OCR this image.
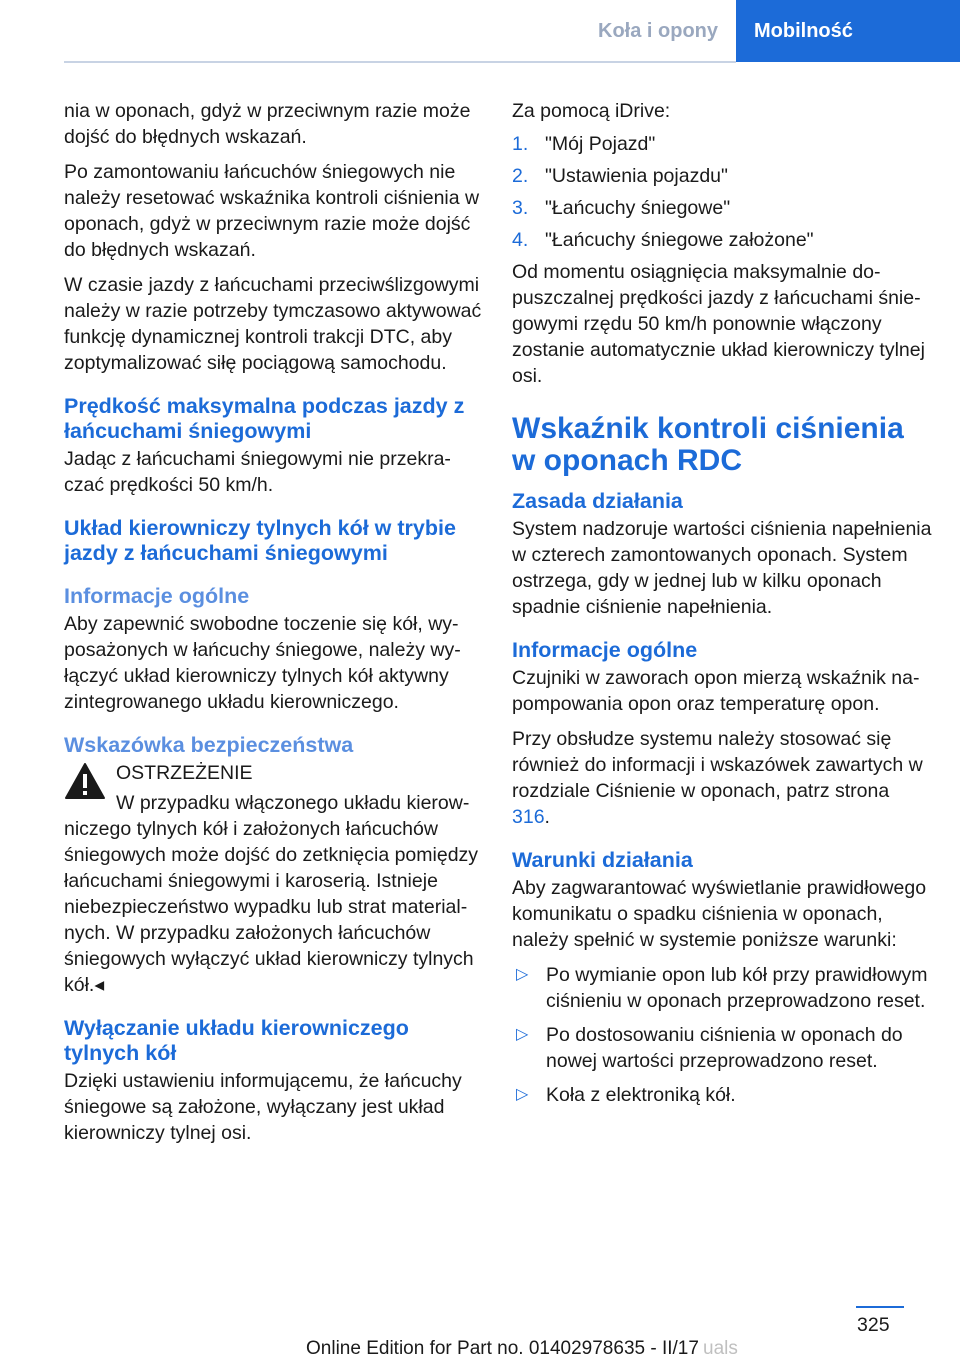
Koła i opony	Mobilność

nia w oponach, gdyż w przeciwnym razie może dojść do błędnych wskazań.

Po zamontowaniu łańcuchów śniegowych nie należy resetować wskaźnika kontroli ciśnienia w oponach, gdyż w przeciwnym razie może dojść do błędnych wskazań.

W czasie jazdy z łańcuchami przeciwślizgowymi należy w razie potrzeby tymczasowo aktywować funkcję dynamicznej kontroli trakcji DTC, aby zoptymalizować siłę pociągową samochodu.

Prędkość maksymalna podczas jazdy z łańcuchami śniegowymi

Jadąc z łańcuchami śniegowymi nie przekraczać prędkości 50 km/h.

Układ kierowniczy tylnych kół w trybie jazdy z łańcuchami śniegowymi
Informacje ogólne

Aby zapewnić swobodne toczenie się kół, wyposażonych w łańcuchy śniegowe, należy wyłączyć układ kierowniczy tylnych kół aktywny zintegrowanego układu kierowniczego.

Wskazówka bezpieczeństwa

OSTRZEŻENIE

W przypadku włączonego układu kierowniczego tylnych kół i założonych łańcuchów śniegowych może dojść do zetknięcia pomiędzy łańcuchami śniegowymi i karoserią. Istnieje niebezpieczeństwo wypadku lub strat materialnych. W przypadku założonych łańcuchów śniegowych wyłączyć układ kierowniczy tylnych kół.◂

Wyłączanie układu kierowniczego tylnych kół

Dzięki ustawieniu informującemu, że łańcuchy śniegowe są założone, wyłączany jest układ kierowniczy tylnej osi.

Za pomocą iDrive:

1. "Mój Pojazd"
2. "Ustawienia pojazdu"
3. "Łańcuchy śniegowe"
4. "Łańcuchy śniegowe założone"

Od momentu osiągnięcia maksymalnie dopuszczalnej prędkości jazdy z łańcuchami śniegowymi rzędu 50 km/h ponownie włączony zostanie automatycznie układ kierowniczy tylnej osi.

Wskaźnik kontroli ciśnienia w oponach RDC
Zasada działania

System nadzoruje wartości ciśnienia napełnienia w czterech zamontowanych oponach. System ostrzega, gdy w jednej lub w kilku oponach spadnie ciśnienie napełnienia.

Informacje ogólne

Czujniki w zaworach opon mierzą wskaźnik napompowania opon oraz temperaturę opon.

Przy obsłudze systemu należy stosować się również do informacji i wskazówek zawartych w rozdziale Ciśnienie w oponach, patrz strona 316.

Warunki działania

Aby zagwarantować wyświetlanie prawidłowego komunikatu o spadku ciśnienia w oponach, należy spełnić w systemie poniższe warunki:

▷ Po wymianie opon lub kół przy prawidłowym ciśnieniu w oponach przeprowadzono reset.
▷ Po dostosowaniu ciśnienia w oponach do nowej wartości przeprowadzono reset.
▷ Koła z elektroniką kół.
325
Online Edition for Part no. 01402978635 - II/17 uals
